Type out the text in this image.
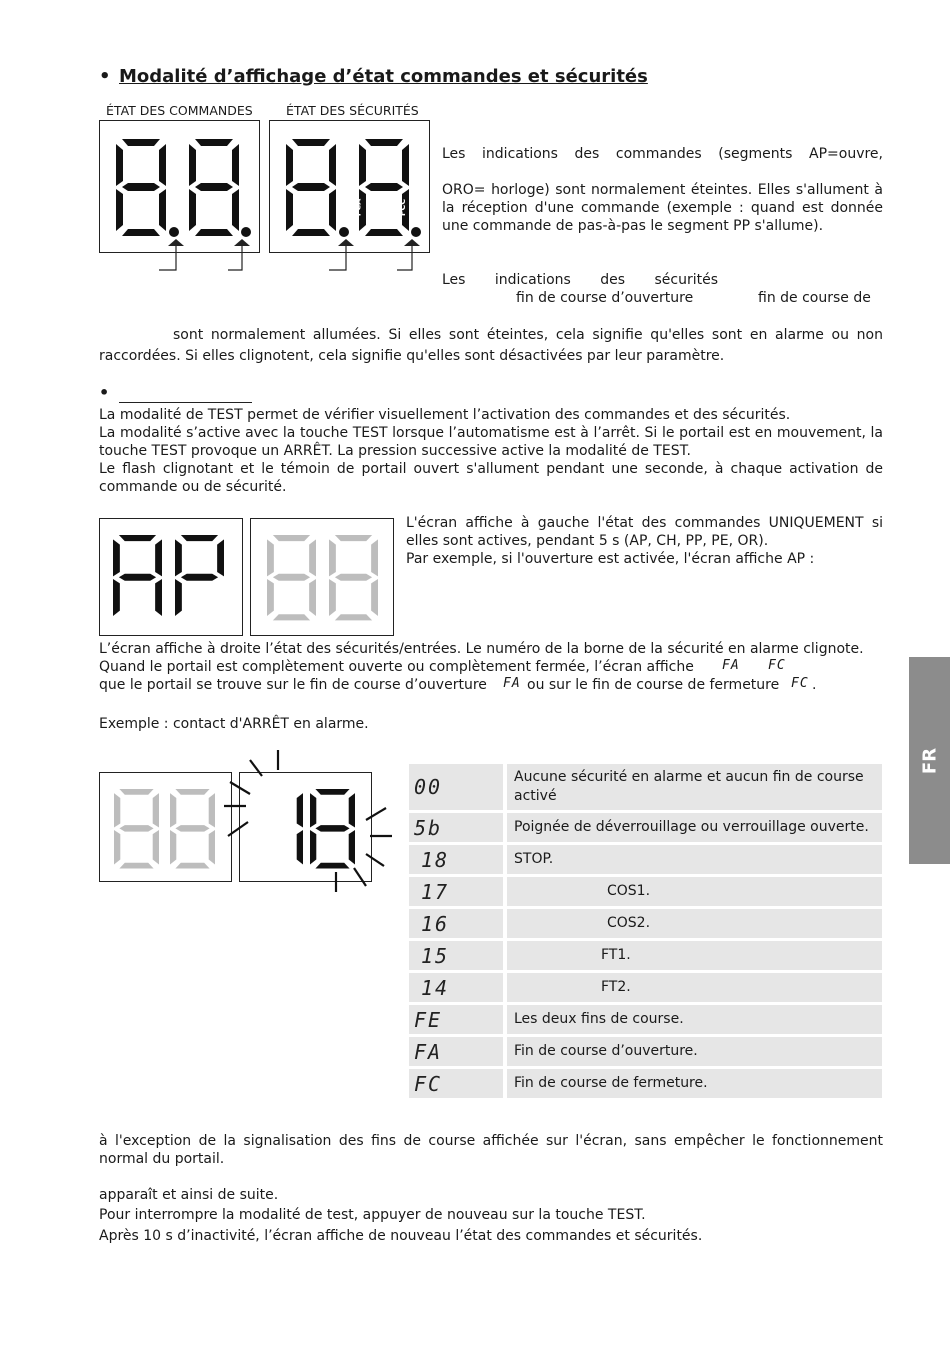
• Modalité d’affichage d’état commandes et sécurités
ÉTAT DES COMMANDES	ÉTAT DES SÉCURITÉS
FCA	FCC
Les indications des commandes (segments AP=ouvre,
ORO= horloge) sont normalement éteintes. Elles s'allument à la réception d'une commande (exemple : quand est donnée une commande de pas-à-pas le segment PP s'allume).
Les indications des sécurités
fin de course d’ouverture	fin de course de
sont normalement allumées. Si elles sont éteintes, cela signifie qu'elles sont en alarme ou non raccordées. Si elles clignotent, cela signifie qu'elles sont désactivées par leur paramètre.
•
La modalité de TEST permet de vérifier visuellement l’activation des commandes et des sécurités.
La modalité s’active avec la touche TEST lorsque l’automatisme est à l’arrêt. Si le portail est en mouvement, la touche TEST provoque un ARRÊT. La pression successive active la modalité de TEST.
Le flash clignotant et le témoin de portail ouvert s'allument pendant une seconde, à chaque activation de commande ou de sécurité.
L'écran affiche à gauche l'état des commandes UNIQUEMENT si elles sont actives, pendant 5 s (AP, CH, PP, PE, OR).
Par exemple, si l'ouverture est activée, l'écran affiche AP :
L’écran affiche à droite l’état des sécurités/entrées. Le numéro de la borne de la sécurité en alarme clignote.
Quand le portail est complètement ouverte ou complètement fermée, l’écran affiche FA FC
que le portail se trouve sur le fin de course d’ouverture FA ou sur le fin de course de fermeture FC .
Exemple : contact d'ARRÊT en alarme.
00	Aucune sécurité en alarme et aucun fin de course activé
5b	Poignée de déverrouillage ou verrouillage ouverte.
18	STOP.
17	COS1.
16	COS2.
15	FT1.
14	FT2.
FE	Les deux fins de course.
FA	Fin de course d’ouverture.
FC	Fin de course de fermeture.
à l'exception de la signalisation des fins de course affichée sur l'écran, sans empêcher le fonctionnement normal du portail.
apparaît et ainsi de suite.
Pour interrompre la modalité de test, appuyer de nouveau sur la touche TEST.
Après 10 s d’inactivité, l’écran affiche de nouveau l’état des commandes et sécurités.
FR
